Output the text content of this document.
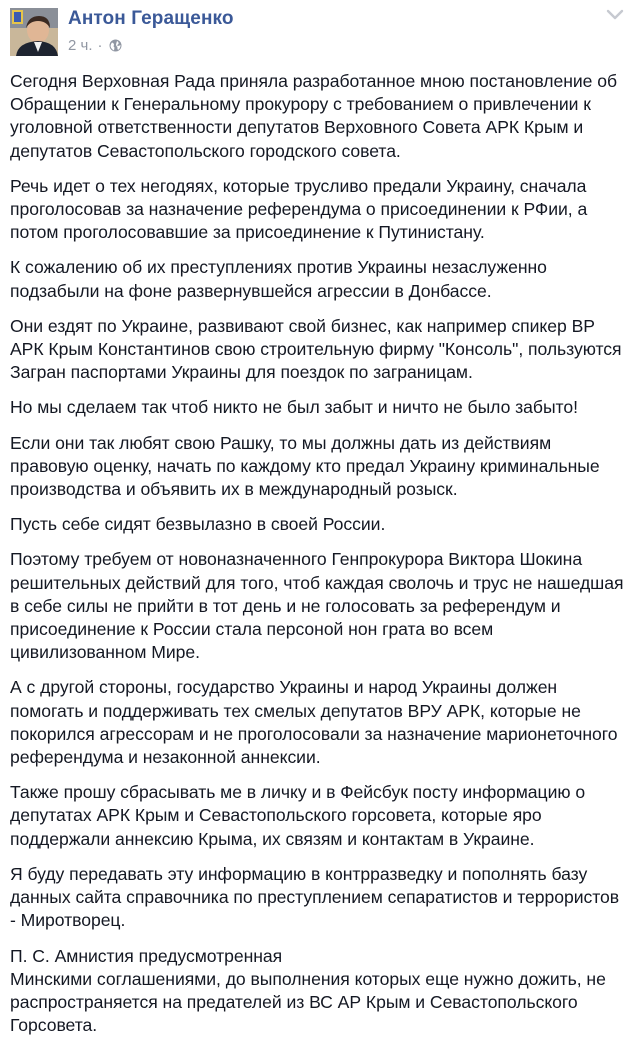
Антон Геращенко
2 ч. ·

Сегодня Верховная Рада приняла разработанное мною постановление об Обращении к Генеральному прокурору с требованием о привлечении к уголовной ответственности депутатов Верховного Совета АРК Крым и депутатов Севастопольского городского совета.

Речь идет о тех негодяях, которые трусливо предали Украину, сначала проголосовав за назначение референдума о присоединении к РФии, а потом проголосовавшие за присоединение к Путинистану.

К сожалению об их преступлениях против Украины незаслуженно подзабыли на фоне развернувшейся агрессии в Донбассе.

Они ездят по Украине, развивают свой бизнес, как например спикер ВР АРК Крым Константинов свою строительную фирму "Консоль", пользуются Загран паспортами Украины для поездок по заграницам.

Но мы сделаем так чтоб никто не был забыт и ничто не было забыто!

Если они так любят свою Рашку, то мы должны дать из действиям правовую оценку, начать по каждому кто предал Украину криминальные производства и объявить их в международный розыск.

Пусть себе сидят безвылазно в своей России.

Поэтому требуем от новоназначенного Генпрокурора Виктора Шокина решительных действий для того, чтоб каждая сволочь и трус не нашедшая в себе силы не прийти в тот день и не голосовать за референдум и присоединение к России стала персоной нон грата во всем цивилизованном Мире.

А с другой стороны, государство Украины и народ Украины должен помогать и поддерживать тех смелых депутатов ВРУ АРК, которые не покорился агрессорам и не проголосовали за назначение марионеточного референдума и незаконной аннексии.

Также прошу сбрасывать ме в личку и в Фейсбук посту информацию о депутатах АРК Крым и Севастопольского горсовета, которые яро поддержали аннексию Крыма, их связям и контактам в Украине.

Я буду передавать эту информацию в контрразведку и пополнять базу данных сайта справочника по преступлением сепаратистов и террористов - Миротворец.

П. С. Амнистия предусмотренная
Минскими соглашениями, до выполнения которых еще нужно дожить, не распространяется на предателей из ВС АР Крым и Севастопольского Горсовета.
